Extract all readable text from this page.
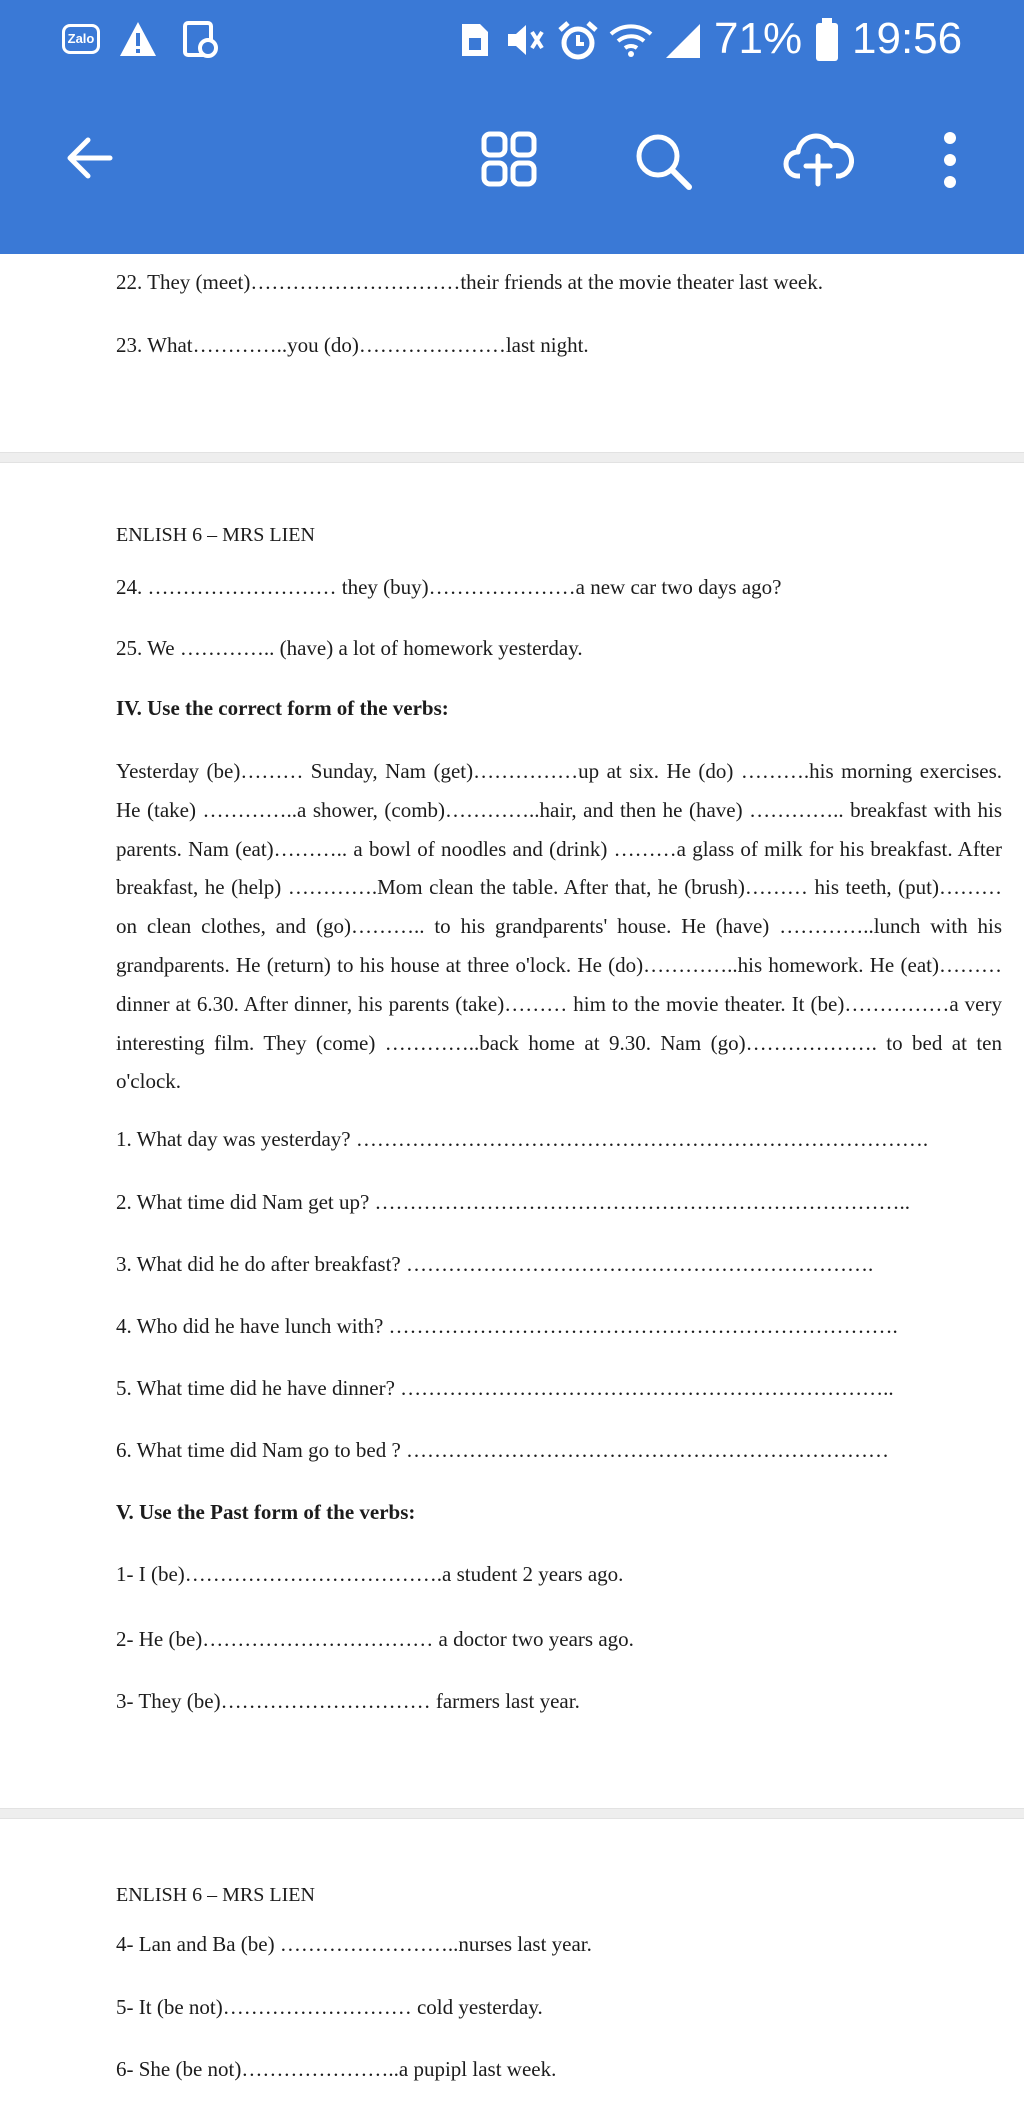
Zalo	71% 19:56

22. They (meet)…………………………their friends at the movie theater last week.

23. What…………..you (do)…………………last night.

ENLISH 6 – MRS LIEN

24. ……………………… they (buy)…………………a new car two days ago?

25. We ………….. (have) a lot of homework yesterday.

IV. Use the correct form of the verbs:

Yesterday (be)……… Sunday, Nam (get)……………up at six. He (do) ……….his morning exercises. He (take) …………..a shower, (comb)…………..hair, and then he (have) ………….. breakfast with his parents. Nam (eat)……….. a bowl of noodles and (drink) ………a glass of milk for his breakfast. After breakfast, he (help) ………….Mom clean the table. After that, he (brush)……… his teeth, (put)……… on clean clothes, and (go)……….. to his grandparents' house. He (have) …………..lunch with his grandparents. He (return) to his house at three o'lock. He (do)…………..his homework. He (eat)……… dinner at 6.30. After dinner, his parents (take)……… him to the movie theater. It (be)……………a very interesting film. They (come) …………..back home at 9.30. Nam (go)………………. to bed at ten o'clock.

1. What day was yesterday? ……………………………………………………………………….

2. What time did Nam get up? …………………………………………………………………..

3. What did he do after breakfast? ………………………………………………………….

4. Who did he have lunch with? ……………………………………………………………….

5. What time did he have dinner? ……………………………………………………………..

6. What time did Nam go to bed ? ……………………………………………………………

V. Use the Past form of the verbs:

1- I (be)……………………………….a student 2 years ago.

2- He (be)…………………………… a doctor two years ago.

3- They (be)………………………… farmers last year.

ENLISH 6 – MRS LIEN

4- Lan and Ba (be) ……………………..nurses last year.

5- It (be not)……………………… cold yesterday.

6- She (be not)…………………..a pupipl last week.
